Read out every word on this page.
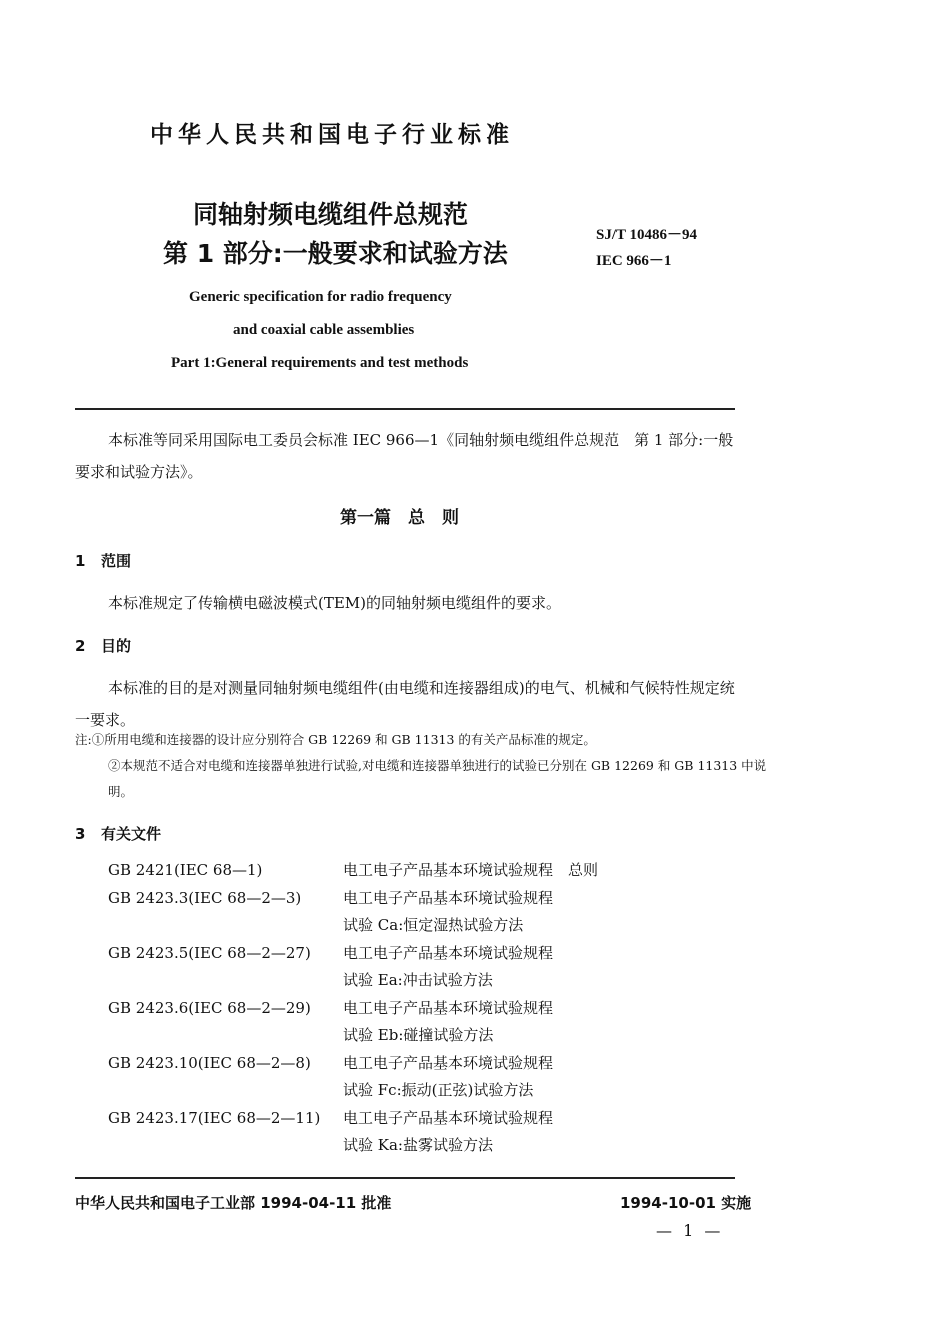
中华人民共和国电子行业标准
同轴射频电缆组件总规范
第 1 部分:一般要求和试验方法
SJ/T 10486－94
IEC 966－1
Generic specification for radio frequency
and coaxial cable assemblies
Part 1:General requirements and test methods
本标准等同采用国际电工委员会标准 IEC 966—1《同轴射频电缆组件总规范　第 1 部分:一般要求和试验方法》。
第一篇　总　则
1 范围
本标准规定了传输横电磁波模式(TEM)的同轴射频电缆组件的要求。
2 目的
本标准的目的是对测量同轴射频电缆组件(由电缆和连接器组成)的电气、机械和气候特性规定统一要求。
注:①所用电缆和连接器的设计应分别符合 GB 12269 和 GB 11313 的有关产品标准的规定。
②本规范不适合对电缆和连接器单独进行试验,对电缆和连接器单独进行的试验已分别在 GB 12269 和 GB 11313 中说明。
3 有关文件
GB 2421(IEC 68—1)	电工电子产品基本环境试验规程　总则

GB 2423.3(IEC 68—2—3)	电工电子产品基本环境试验规程
试验 Ca:恒定湿热试验方法

GB 2423.5(IEC 68—2—27)	电工电子产品基本环境试验规程
试验 Ea:冲击试验方法

GB 2423.6(IEC 68—2—29)	电工电子产品基本环境试验规程
试验 Eb:碰撞试验方法

GB 2423.10(IEC 68—2—8)	电工电子产品基本环境试验规程
试验 Fc:振动(正弦)试验方法

GB 2423.17(IEC 68—2—11)	电工电子产品基本环境试验规程
试验 Ka:盐雾试验方法
中华人民共和国电子工业部 1994-04-11 批准	1994-10-01 实施
— 1 —
